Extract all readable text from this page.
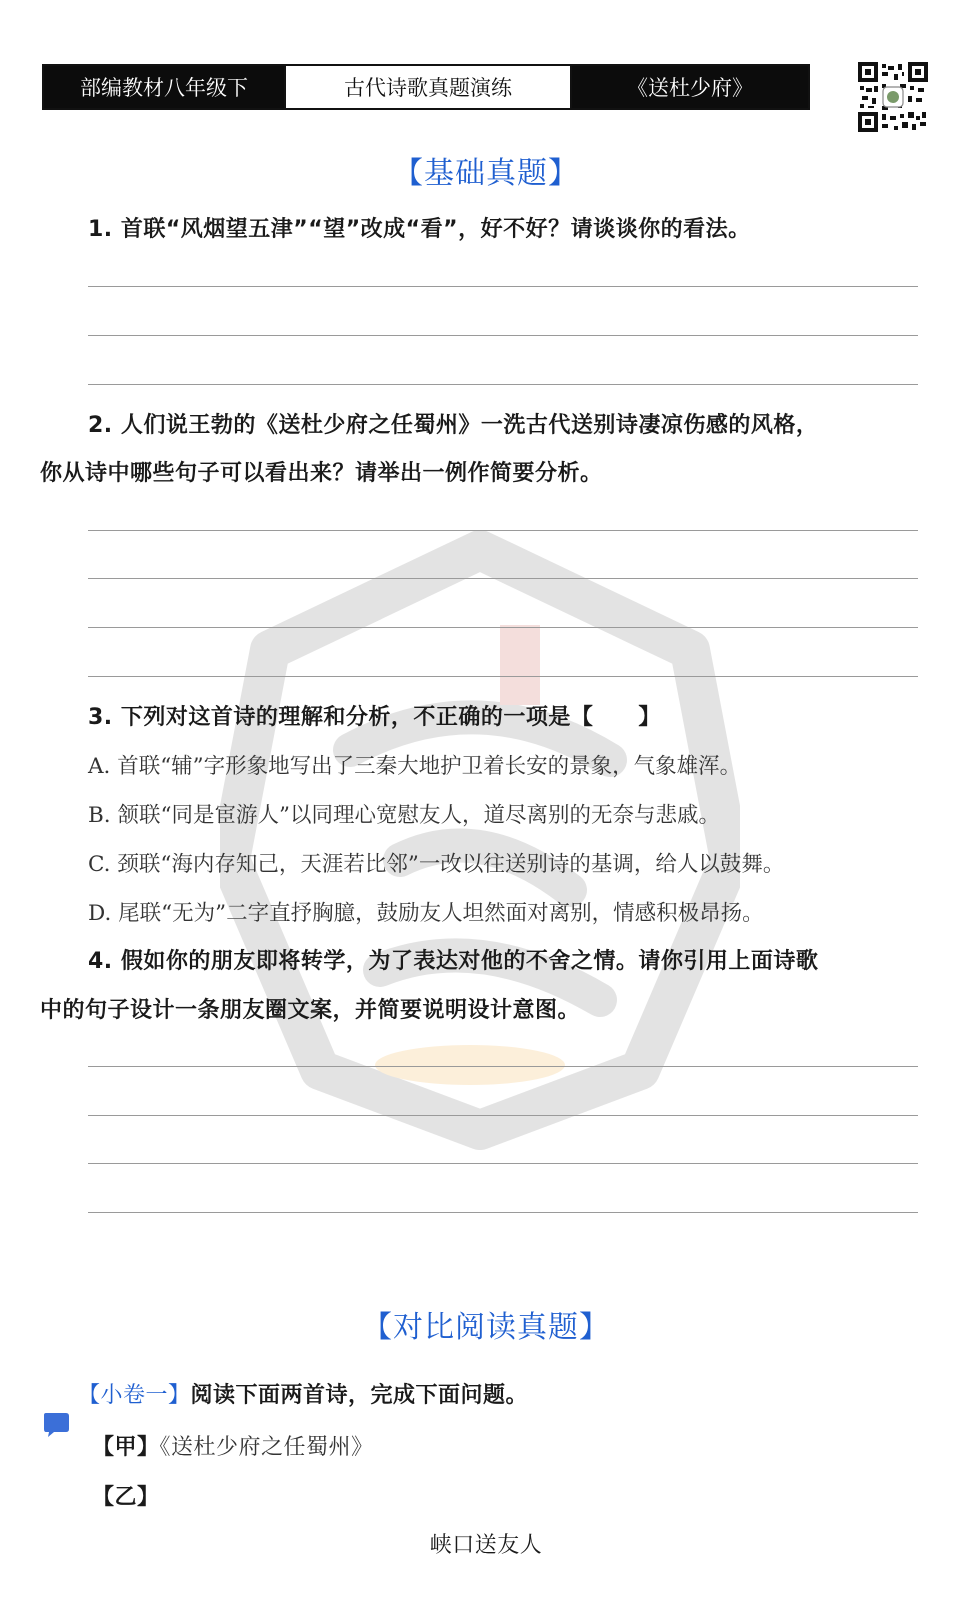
部编教材八年级下	古代诗歌真题演练	《送杜少府》
【基础真题】
1. 首联“风烟望五津”“望”改成“看”，好不好？请谈谈你的看法。
2. 人们说王勃的《送杜少府之任蜀州》一洗古代送别诗凄凉伤感的风格，
你从诗中哪些句子可以看出来？请举出一例作简要分析。
3. 下列对这首诗的理解和分析，不正确的一项是【　　】
A. 首联“辅”字形象地写出了三秦大地护卫着长安的景象，气象雄浑。
B. 颔联“同是宦游人”以同理心宽慰友人，道尽离别的无奈与悲戚。
C. 颈联“海内存知己，天涯若比邻”一改以往送别诗的基调，给人以鼓舞。
D. 尾联“无为”二字直抒胸臆，鼓励友人坦然面对离别，情感积极昂扬。
4. 假如你的朋友即将转学，为了表达对他的不舍之情。请你引用上面诗歌
中的句子设计一条朋友圈文案，并简要说明设计意图。
【对比阅读真题】
【小卷一】阅读下面两首诗，完成下面问题。
【甲】《送杜少府之任蜀州》
【乙】
峡口送友人
